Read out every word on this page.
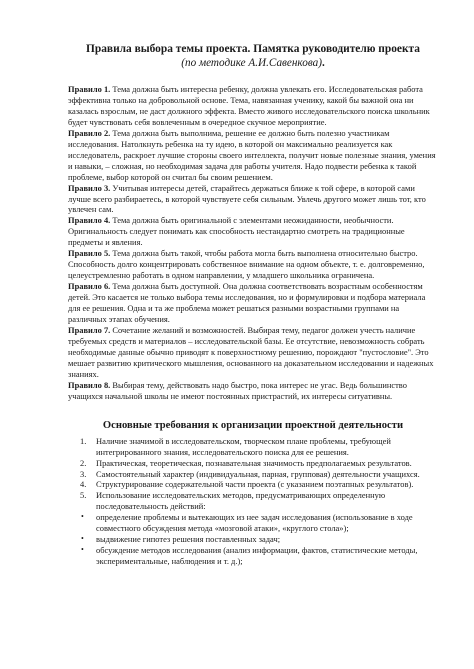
Правила выбора темы проекта. Памятка руководителю проекта

(по методике А.И.Савенкова).

Правило 1. Тема должна быть интересна ребенку, должна увлекать его. Исследовательская работа эффективна только на добровольной основе. Тема, навязанная ученику, какой бы важной она ни казалась взрослым, не даст должного эффекта. Вместо живого исследовательского поиска школьник будет чувствовать себя вовлеченным в очередное скучное мероприятие.

Правило 2. Тема должна быть выполнима, решение ее должно быть полезно участникам исследования. Натолкнуть ребенка на ту идею, в которой он максимально реализуется как исследователь, раскроет лучшие стороны своего интеллекта, получит новые полезные знания, умения и навыки, – сложная, но необходимая задача для работы учителя. Надо подвести ребенка к такой проблеме, выбор которой он считал бы своим решением.

Правило 3. Учитывая интересы детей, старайтесь держаться ближе к той сфере, в которой сами лучше всего разбираетесь, в которой чувствуете себя сильным. Увлечь другого может лишь тот, кто увлечен сам.

Правило 4. Тема должна быть оригинальной с элементами неожиданности, необычности. Оригинальность следует понимать как способность нестандартно смотреть на традиционные предметы и явления.

Правило 5. Тема должна быть такой, чтобы работа могла быть выполнена относительно быстро. Способность долго концентрировать собственное внимание на одном объекте, т. е. долговременно, целеустремленно работать в одном направлении, у младшего школьника ограничена.

Правило 6. Тема должна быть доступной. Она должна соответствовать возрастным особенностям детей. Это касается не только выбора темы исследования, но и формулировки и подбора материала для ее решения. Одна и та же проблема может решаться разными возрастными группами на различных этапах обучения.

Правило 7. Сочетание желаний и возможностей. Выбирая тему, педагог должен учесть наличие требуемых средств и материалов – исследовательской базы. Ее отсутствие, невозможность собрать необходимые данные обычно приводят к поверхностному решению, порождают "пустословие". Это мешает развитию критического мышления, основанного на доказательном исследовании и надежных знаниях.

Правило 8. Выбирая тему, действовать надо быстро, пока интерес не угас. Ведь большинство учащихся начальной школы не имеют постоянных пристрастий, их интересы ситуативны.

Основные требования к организации проектной деятельности
1. Наличие значимой в исследовательском, творческом плане проблемы, требующей интегрированного знания, исследовательского поиска для ее решения.
2. Практическая, теоретическая, познавательная значимость предполагаемых результатов.
3. Самостоятельный характер (индивидуальная, парная, групповая) деятельности учащихся.
4. Структурирование содержательной части проекта (с указанием поэтапных результатов).
5. Использование исследовательских методов, предусматривающих определенную последовательность действий:
• определение проблемы и вытекающих из нее задач исследования (использование в ходе совместного обсуждения метода «мозговой атаки», «круглого стола»);
• выдвижение гипотез решения поставленных задач;
• обсуждение методов исследования (анализ информации, фактов, статистические методы, экспериментальные, наблюдения и т. д.);
